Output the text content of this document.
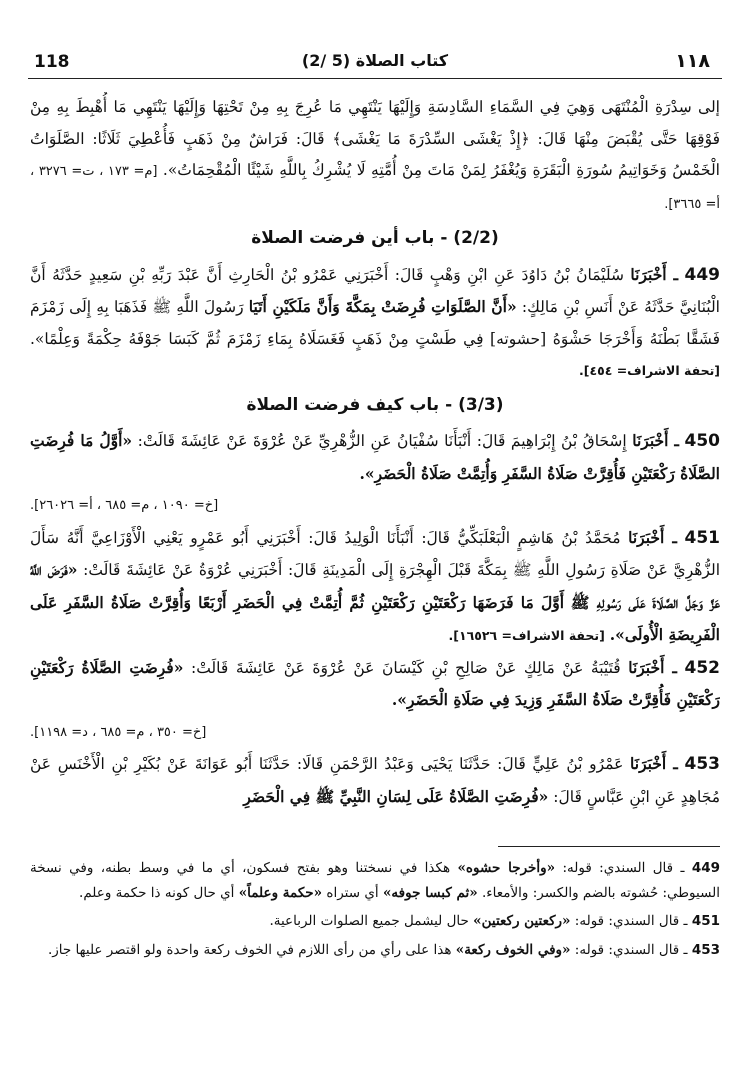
118	(2/ 5) كتاب الصلاة	١١٨

إلى سِدْرَةِ الْمُنْتَهَى وَهِيَ فِي السَّمَاءِ السَّادِسَةِ وَإِلَيْهَا يَنْتَهِي مَا عُرِجَ بِهِ مِنْ تَحْتِهَا وَإِلَيْهَا يَنْتَهِي مَا أُهْبِطَ بِهِ مِنْ فَوْقِهَا حَتَّى يُقْبَضَ مِنْهَا قَالَ: ﴿إِذْ يَغْشَى السِّدْرَةَ مَا يَغْشَى﴾ قَالَ: فَرَاشٌ مِنْ ذَهَبٍ فَأُعْطِيَ ثَلَاثًا: الصَّلَوَاتُ الْخَمْسُ وَخَوَاتِيمُ سُورَةِ الْبَقَرَةِ وَيُغْفَرُ لِمَنْ مَاتَ مِنْ أُمَّتِهِ لَا يُشْرِكُ بِاللَّهِ شَيْئًا الْمُقْحِمَاتُ». [م= ١٧٣ ، ت= ٣٢٧٦ ، أ= ٣٦٦٥].

(2/2) - باب أين فرضت الصلاة

449 ـ أَخْبَرَنَا سُلَيْمَانُ بْنُ دَاوُدَ عَنِ ابْنِ وَهْبٍ قَالَ: أَخْبَرَنِي عَمْرُو بْنُ الْحَارِثِ أَنَّ عَبْدَ رَبِّهِ بْنِ سَعِيدٍ حَدَّثَهُ أَنَّ الْبُنَانِيَّ حَدَّثَهُ عَنْ أَنَسِ بْنِ مَالِكٍ: «أَنَّ الصَّلَوَاتِ فُرِضَتْ بِمَكَّةَ وَأَنَّ مَلَكَيْنِ أَتَيَا رَسُولَ اللَّهِ ﷺ فَذَهَبَا بِهِ إِلَى زَمْزَمَ فَشَقَّا بَطْنَهُ وَأَخْرَجَا حَشْوَهُ [حشوته] فِي طَسْتٍ مِنْ ذَهَبٍ فَغَسَلَاهُ بِمَاءِ زَمْزَمَ ثُمَّ كَبَسَا جَوْفَهُ حِكْمَةً وَعِلْمًا». [تحفة الاشراف= ٤٥٤].

(3/3) - باب كيف فرضت الصلاة

450 ـ أَخْبَرَنَا إِسْحَاقُ بْنُ إِبْرَاهِيمَ قَالَ: أَنْبَأَنَا سُفْيَانُ عَنِ الزُّهْرِيِّ عَنْ عُرْوَةَ عَنْ عَائِشَةَ قَالَتْ: «أَوَّلُ مَا فُرِضَتِ الصَّلَاةُ رَكْعَتَيْنِ فَأُقِرَّتْ صَلَاةُ السَّفَرِ وَأُتِمَّتْ صَلَاةُ الْحَضَرِ».
[خ= ١٠٩٠ ، م= ٦٨٥ ، أ= ٢٦٠٢٦].

451 ـ أَخْبَرَنَا مُحَمَّدُ بْنُ هَاشِمٍ الْبَعْلَبَكِّيُّ قَالَ: أَنْبَأَنَا الْوَلِيدُ قَالَ: أَخْبَرَنِي أَبُو عَمْرٍو يَعْنِي الْأَوْزَاعِيَّ أَنَّهُ سَأَلَ الزُّهْرِيَّ عَنْ صَلَاةِ رَسُولِ اللَّهِ ﷺ بِمَكَّةَ قَبْلَ الْهِجْرَةِ إِلَى الْمَدِينَةِ قَالَ: أَخْبَرَنِي عُرْوَةُ عَنْ عَائِشَةَ قَالَتْ: «فَرَضَ اللَّهُ عَزَّ وَجَلَّ الصَّلَاةَ عَلَى رَسُولِهِ ﷺ أَوَّلَ مَا فَرَضَهَا رَكْعَتَيْنِ رَكْعَتَيْنِ ثُمَّ أُتِمَّتْ فِي الْحَضَرِ أَرْبَعًا وَأُقِرَّتْ صَلَاةُ السَّفَرِ عَلَى الْفَرِيضَةِ الْأُولَى». [تحفة الاشراف= ١٦٥٢٦].

452 ـ أَخْبَرَنَا قُتَيْبَةُ عَنْ مَالِكٍ عَنْ صَالِحِ بْنِ كَيْسَانَ عَنْ عُرْوَةَ عَنْ عَائِشَةَ قَالَتْ: «فُرِضَتِ الصَّلَاةُ رَكْعَتَيْنِ رَكْعَتَيْنِ فَأُقِرَّتْ صَلَاةُ السَّفَرِ وَزِيدَ فِي صَلَاةِ الْحَضَرِ».
[خ= ٣٥٠ ، م= ٦٨٥ ، د= ١١٩٨].

453 ـ أَخْبَرَنَا عَمْرُو بْنُ عَلِيٍّ قَالَ: حَدَّثَنَا يَحْيَى وَعَبْدُ الرَّحْمَنِ قَالَا: حَدَّثَنَا أَبُو عَوَانَةَ عَنْ بُكَيْرِ بْنِ الْأَخْنَسِ عَنْ مُجَاهِدٍ عَنِ ابْنِ عَبَّاسٍ قَالَ: «فُرِضَتِ الصَّلَاةُ عَلَى لِسَانِ النَّبِيِّ ﷺ فِي الْحَضَرِ

449 ـ قال السندي: قوله: «وأخرجا حشوه» هكذا في نسختنا وهو بفتح فسكون، أي ما في وسط بطنه، وفي نسخة السيوطي: حُشوته بالضم والكسر: والأمعاء. «ثم كبسا جوفه» أي ستراه «حكمة وعلماً» أي حال كونه ذا حكمة وعلم.

451 ـ قال السندي: قوله: «ركعتين ركعتين» حال ليشمل جميع الصلوات الرباعية.

453 ـ قال السندي: قوله: «وفي الخوف ركعة» هذا على رأي من رأى اللازم في الخوف ركعة واحدة ولو اقتصر عليها جاز.
